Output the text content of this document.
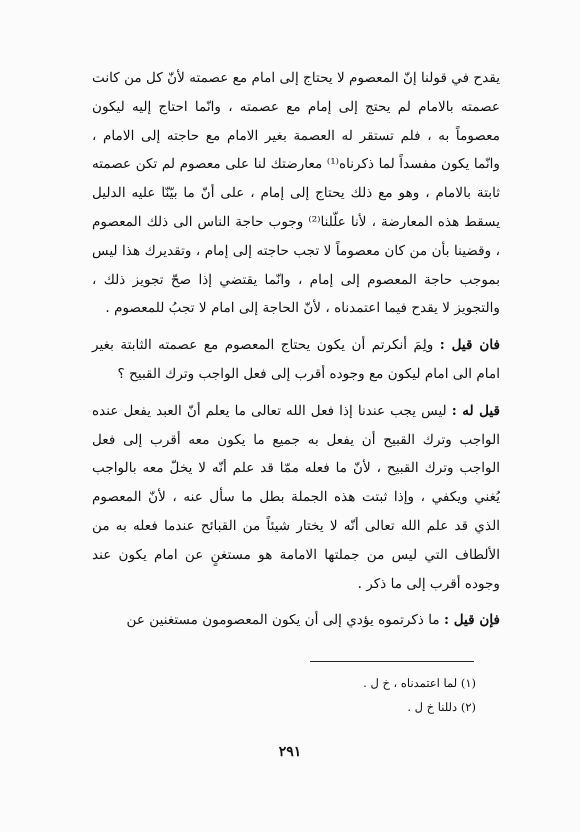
يقدح في قولنا إنّ المعصوم لا يحتاج إلى امام مع عصمته لأنّ كل من كانت عصمته بالامام لم يحتج إلى إمام مع عصمته ، وانّما احتاج إليه ليكون معصوماً به ، فلم تستقر له العصمة بغير الامام مع حاجته إلى الامام ، وانّما يكون مفسداً لما ذكرناه⁽¹⁾ معارضتك لنا على معصوم لم تكن عصمته ثابتة بالامام ، وهو مع ذلك يحتاج إلى إمام ، على أنّ ما بيّنّا عليه الدليل يسقط هذه المعارضة ، لأنا علّلنا⁽²⁾ وجوب حاجة الناس الى ذلك المعصوم ، وقضينا بأن من كان معصوماً لا تجب حاجته إلى إمام ، وتقديرك هذا ليس بموجب حاجة المعصوم إلى إمام ، وانّما يقتضي إذا صحّ تجويز ذلك ، والتجويز لا يقدح فيما اعتمدناه ، لأنّ الحاجة إلى امام لا تجبُ للمعصوم .

فان قيل : ولِمَ أنكرتم أن يكون يحتاج المعصوم مع عصمته الثابتة بغير امام الى امام ليكون مع وجوده أقرب إلى فعل الواجب وترك القبيح ؟

قيل له : ليس يجب عندنا إذا فعل الله تعالى ما يعلم أنّ العبد يفعل عنده الواجب وترك القبيح أن يفعل به جميع ما يكون معه أقرب إلى فعل الواجب وترك القبيح ، لأنّ ما فعله ممّا قد علم أنّه لا يخلّ معه بالواجب يُغني ويكفي ، وإذا ثبتت هذه الجملة بطل ما سأل عنه ، لأنّ المعصوم الذي قد علم الله تعالى أنّه لا يختار شيئاً من القبائح عندما فعله به من الألطاف التي ليس من جملتها الامامة هو مستغنٍ عن امام يكون عند وجوده أقرب إلى ما ذكر .

فإن قيل : ما ذكرتموه يؤدي إلى أن يكون المعصومون مستغنين عن

(١) لما اعتمدناه ، خ ل .
(٢) دللنا خ ل .
٢٩١
